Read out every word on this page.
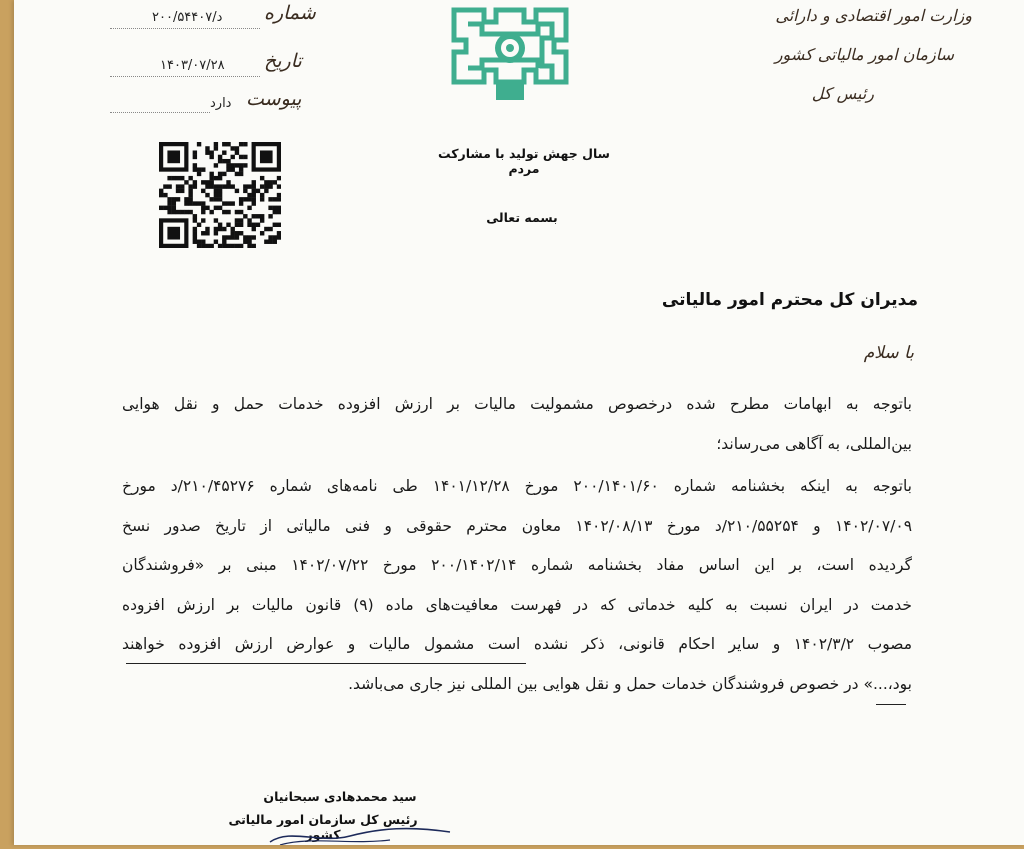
وزارت امور اقتصادی و دارائی
سازمان امور مالیاتی کشور
رئیس کل
شماره
د/۲۰۰/۵۴۴۰۷
تاریخ
۱۴۰۳/۰۷/۲۸
پیوست
دارد
سال جهش تولید با مشارکت مردم
بسمه تعالی
مدیران کل محترم امور مالیاتی
با سلام
باتوجه به ابهامات مطرح شده درخصوص مشمولیت مالیات بر ارزش افزوده خدمات حمل و نقل هوایی
بین‌المللی، به آگاهی می‌رساند؛
باتوجه به اینکه بخشنامه شماره ۲۰۰/۱۴۰۱/۶۰ مورخ ۱۴۰۱/۱۲/۲۸ طی نامه‌های شماره ۲۱۰/۴۵۲۷۶/د مورخ
۱۴۰۲/۰۷/۰۹ و ۲۱۰/۵۵۲۵۴/د مورخ ۱۴۰۲/۰۸/۱۳ معاون محترم حقوقی و فنی مالیاتی از تاریخ صدور نسخ
گردیده است، بر این اساس مفاد بخشنامه شماره ۲۰۰/۱۴۰۲/۱۴ مورخ ۱۴۰۲/۰۷/۲۲ مبنی بر «فروشندگان
خدمت در ایران نسبت به کلیه خدماتی که در فهرست معافیت‌های ماده (۹) قانون مالیات بر ارزش افزوده
مصوب ۱۴۰۲/۳/۲ و سایر احکام قانونی، ذکر نشده است مشمول مالیات و عوارض ارزش افزوده خواهند
بود،...» در خصوص فروشندگان خدمات حمل و نقل هوایی بین المللی نیز جاری می‌باشد.
سید محمدهادی سبحانیان
رئیس کل سازمان امور مالیاتی کشور
